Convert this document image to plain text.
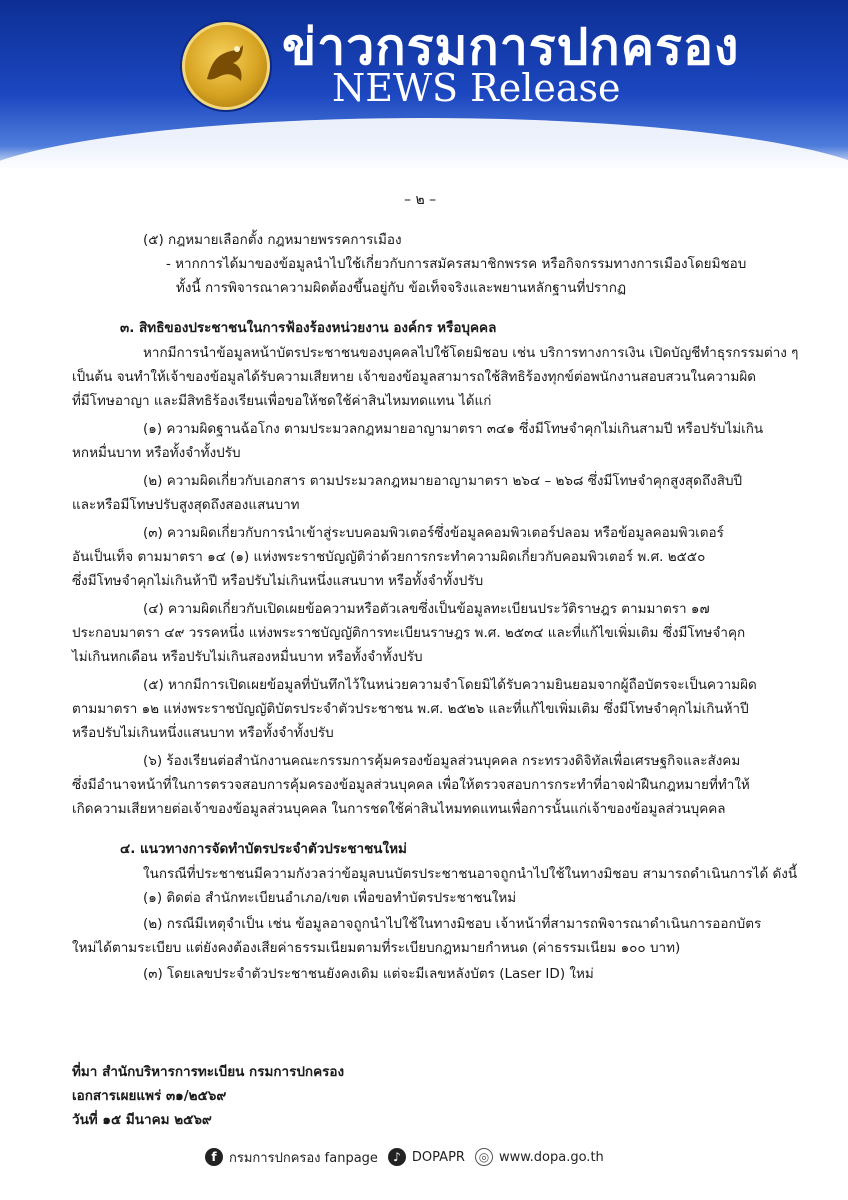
ข่าวกรมการปกครอง
NEWS Release
– ๒ –
(๕) กฎหมายเลือกตั้ง กฎหมายพรรคการเมือง
- หากการได้มาของข้อมูลนำไปใช้เกี่ยวกับการสมัครสมาชิกพรรค หรือกิจกรรมทางการเมืองโดยมิชอบ
ทั้งนี้ การพิจารณาความผิดต้องขึ้นอยู่กับ ข้อเท็จจริงและพยานหลักฐานที่ปรากฏ
๓. สิทธิของประชาชนในการฟ้องร้องหน่วยงาน องค์กร หรือบุคคล
หากมีการนำข้อมูลหน้าบัตรประชาชนของบุคคลไปใช้โดยมิชอบ เช่น บริการทางการเงิน เปิดบัญชีทำธุรกรรมต่าง ๆ
เป็นต้น จนทำให้เจ้าของข้อมูลได้รับความเสียหาย เจ้าของข้อมูลสามารถใช้สิทธิร้องทุกข์ต่อพนักงานสอบสวนในความผิด
ที่มีโทษอาญา และมีสิทธิร้องเรียนเพื่อขอให้ชดใช้ค่าสินไหมทดแทน ได้แก่
(๑) ความผิดฐานฉ้อโกง ตามประมวลกฎหมายอาญามาตรา ๓๔๑ ซึ่งมีโทษจำคุกไม่เกินสามปี หรือปรับไม่เกิน
หกหมื่นบาท หรือทั้งจำทั้งปรับ
(๒) ความผิดเกี่ยวกับเอกสาร ตามประมวลกฎหมายอาญามาตรา ๒๖๔ – ๒๖๘ ซึ่งมีโทษจำคุกสูงสุดถึงสิบปี
และหรือมีโทษปรับสูงสุดถึงสองแสนบาท
(๓) ความผิดเกี่ยวกับการนำเข้าสู่ระบบคอมพิวเตอร์ซึ่งข้อมูลคอมพิวเตอร์ปลอม หรือข้อมูลคอมพิวเตอร์
อันเป็นเท็จ ตามมาตรา ๑๔ (๑) แห่งพระราชบัญญัติว่าด้วยการกระทำความผิดเกี่ยวกับคอมพิวเตอร์ พ.ศ. ๒๕๕๐
ซึ่งมีโทษจำคุกไม่เกินห้าปี หรือปรับไม่เกินหนึ่งแสนบาท หรือทั้งจำทั้งปรับ
(๔) ความผิดเกี่ยวกับเปิดเผยข้อความหรือตัวเลขซึ่งเป็นข้อมูลทะเบียนประวัติราษฎร ตามมาตรา ๑๗
ประกอบมาตรา ๔๙ วรรคหนึ่ง แห่งพระราชบัญญัติการทะเบียนราษฎร พ.ศ. ๒๕๓๔ และที่แก้ไขเพิ่มเติม ซึ่งมีโทษจำคุก
ไม่เกินหกเดือน หรือปรับไม่เกินสองหมื่นบาท หรือทั้งจำทั้งปรับ
(๕) หากมีการเปิดเผยข้อมูลที่บันทึกไว้ในหน่วยความจำโดยมิได้รับความยินยอมจากผู้ถือบัตรจะเป็นความผิด
ตามมาตรา ๑๒ แห่งพระราชบัญญัติบัตรประจำตัวประชาชน พ.ศ. ๒๕๒๖ และที่แก้ไขเพิ่มเติม ซึ่งมีโทษจำคุกไม่เกินห้าปี
หรือปรับไม่เกินหนึ่งแสนบาท หรือทั้งจำทั้งปรับ
(๖) ร้องเรียนต่อสำนักงานคณะกรรมการคุ้มครองข้อมูลส่วนบุคคล กระทรวงดิจิทัลเพื่อเศรษฐกิจและสังคม
ซึ่งมีอำนาจหน้าที่ในการตรวจสอบการคุ้มครองข้อมูลส่วนบุคคล เพื่อให้ตรวจสอบการกระทำที่อาจฝ่าฝืนกฎหมายที่ทำให้
เกิดความเสียหายต่อเจ้าของข้อมูลส่วนบุคคล ในการชดใช้ค่าสินไหมทดแทนเพื่อการนั้นแก่เจ้าของข้อมูลส่วนบุคคล
๔. แนวทางการจัดทำบัตรประจำตัวประชาชนใหม่
ในกรณีที่ประชาชนมีความกังวลว่าข้อมูลบนบัตรประชาชนอาจถูกนำไปใช้ในทางมิชอบ สามารถดำเนินการได้ ดังนี้
(๑) ติดต่อ สำนักทะเบียนอำเภอ/เขต เพื่อขอทำบัตรประชาชนใหม่
(๒) กรณีมีเหตุจำเป็น เช่น ข้อมูลอาจถูกนำไปใช้ในทางมิชอบ เจ้าหน้าที่สามารถพิจารณาดำเนินการออกบัตร
ใหม่ได้ตามระเบียบ แต่ยังคงต้องเสียค่าธรรมเนียมตามที่ระเบียบกฎหมายกำหนด (ค่าธรรมเนียม ๑๐๐ บาท)
(๓) โดยเลขประจำตัวประชาชนยังคงเดิม แต่จะมีเลขหลังบัตร (Laser ID) ใหม่
ที่มา สำนักบริหารการทะเบียน กรมการปกครอง
เอกสารเผยแพร่ ๓๑/๒๕๖๙
วันที่ ๑๕ มีนาคม ๒๕๖๙
f กรมการปกครอง fanpage	♪ DOPAPR	◎ www.dopa.go.th
